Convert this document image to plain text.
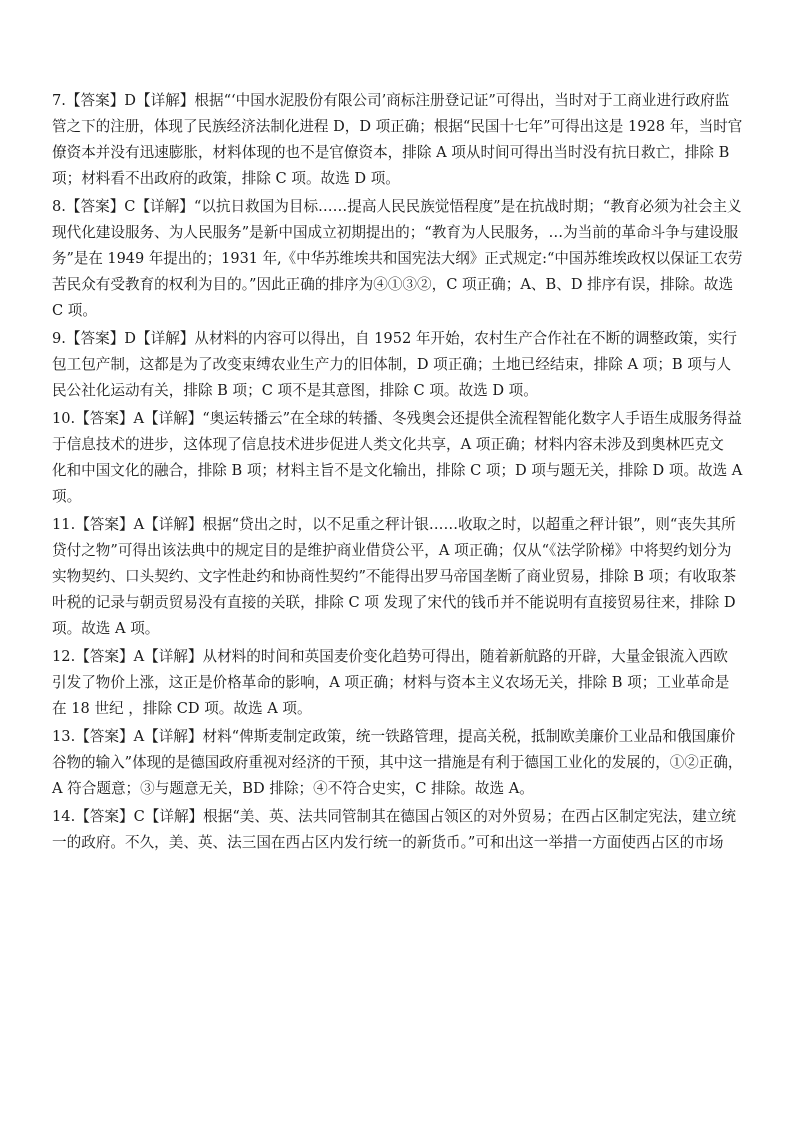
7.【答案】D【详解】根据“‘中国水泥股份有限公司’商标注册登记证”可得出，当时对于工商业进行政府监
管之下的注册，体现了民族经济法制化进程 D，D 项正确；根据“民国十七年”可得出这是 1928 年，当时官
僚资本并没有迅速膨胀，材料体现的也不是官僚资本，排除 A 项从时间可得出当时没有抗日救亡，排除 B
项；材料看不出政府的政策，排除 C 项。故选 D 项。
8.【答案】C【详解】“以抗日救国为目标……提高人民民族觉悟程度”是在抗战时期；“教育必须为社会主义
现代化建设服务、为人民服务”是新中国成立初期提出的；“教育为人民服务，…为当前的革命斗争与建设服
务”是在 1949 年提出的；1931 年,《中华苏维埃共和国宪法大纲》正式规定:“中国苏维埃政权以保证工农劳
苦民众有受教育的权利为目的。”因此正确的排序为④①③②，C 项正确；A、B、D 排序有误，排除。故选
C 项。
9.【答案】D【详解】从材料的内容可以得出，自 1952 年开始，农村生产合作社在不断的调整政策，实行
包工包产制，这都是为了改变束缚农业生产力的旧体制，D 项正确；土地已经结束，排除 A 项；B 项与人
民公社化运动有关，排除 B 项；C 项不是其意图，排除 C 项。故选 D 项。
10.【答案】A【详解】“奥运转播云”在全球的转播、冬残奥会还提供全流程智能化数字人手语生成服务得益
于信息技术的进步，这体现了信息技术进步促进人类文化共享，A 项正确；材料内容未涉及到奥林匹克文
化和中国文化的融合，排除 B 项；材料主旨不是文化输出，排除 C 项；D 项与题无关，排除 D 项。故选 A
项。
11.【答案】A【详解】根据“贷出之时，以不足重之秤计银……收取之时，以超重之秤计银”，则“丧失其所
贷付之物”可得出该法典中的规定目的是维护商业借贷公平，A 项正确；仅从“《法学阶梯》中将契约划分为
实物契约、口头契约、文字性赴约和协商性契约”不能得出罗马帝国垄断了商业贸易，排除 B 项；有收取茶
叶税的记录与朝贡贸易没有直接的关联，排除 C 项 发现了宋代的钱币并不能说明有直接贸易往来，排除 D
项。故选 A 项。
12.【答案】A【详解】从材料的时间和英国麦价变化趋势可得出，随着新航路的开辟，大量金银流入西欧
引发了物价上涨，这正是价格革命的影响，A 项正确；材料与资本主义农场无关，排除 B 项；工业革命是
在 18 世纪 ，排除 CD 项。故选 A 项。
13.【答案】A【详解】材料“俾斯麦制定政策，统一铁路管理，提高关税，抵制欧美廉价工业品和俄国廉价
谷物的输入”体现的是德国政府重视对经济的干预，其中这一措施是有利于德国工业化的发展的，①②正确，
A 符合题意；③与题意无关，BD 排除；④不符合史实，C 排除。故选 A。
14.【答案】C【详解】根据“美、英、法共同管制其在德国占领区的对外贸易；在西占区制定宪法，建立统
一的政府。不久，美、英、法三国在西占区内发行统一的新货币。”可和出这一举措一方面使西占区的市场
